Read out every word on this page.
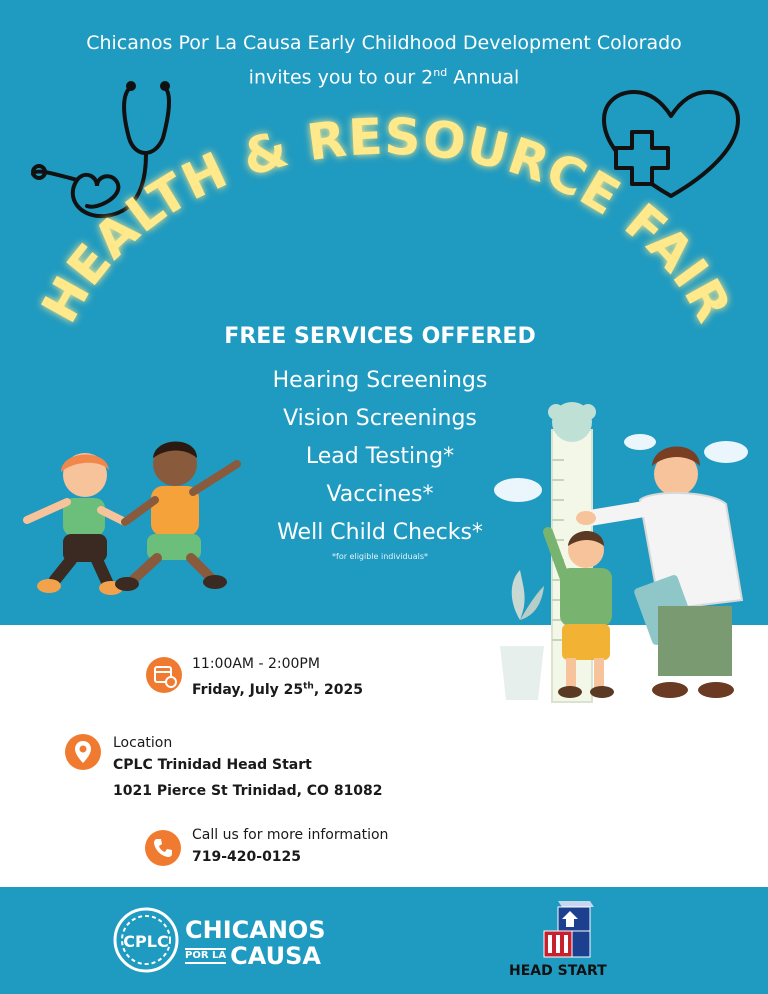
Chicanos Por La Causa Early Childhood Development Colorado
invites you to our 2nd Annual
HEALTH & RESOURCE FAIR
FREE SERVICES OFFERED
Hearing Screenings
Vision Screenings
Lead Testing*
Vaccines*
Well Child Checks*
*for eligible individuals*
11:00AM - 2:00PM
Friday, July 25th, 2025
Location
CPLC Trinidad Head Start
1021 Pierce St Trinidad, CO 81082
Call us for more information
719-420-0125
CPLC CHICANOS
POR LA CAUSA
HEAD START
